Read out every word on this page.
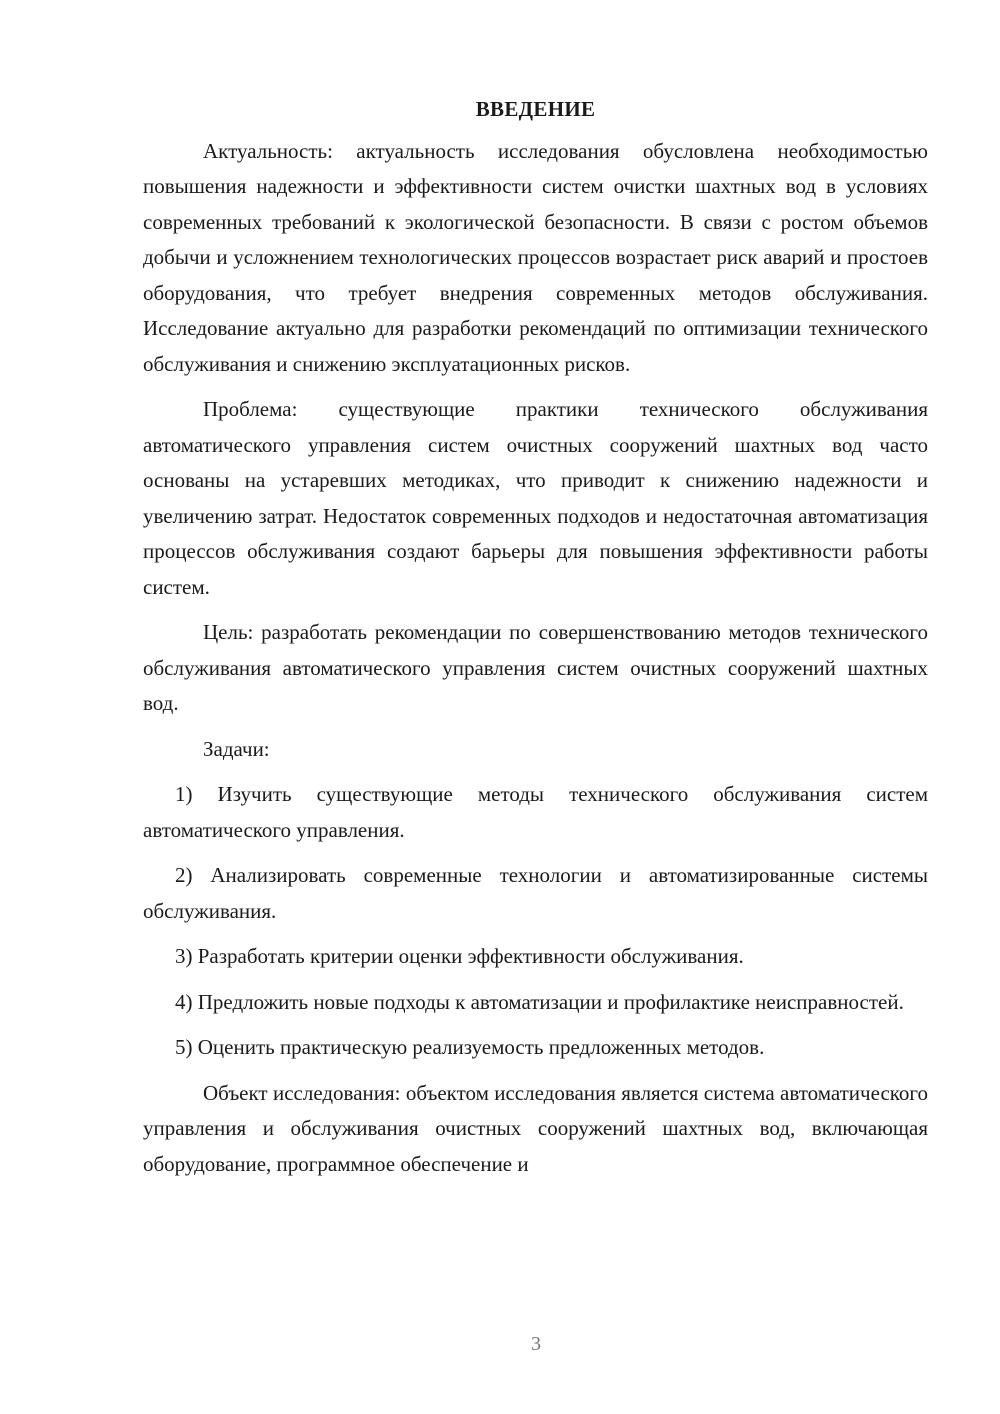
ВВЕДЕНИЕ

Актуальность: актуальность исследования обусловлена необходимостью повышения надежности и эффективности систем очистки шахтных вод в условиях современных требований к экологической безопасности. В связи с ростом объемов добычи и усложнением технологических процессов возрастает риск аварий и простоев оборудования, что требует внедрения современных методов обслуживания. Исследование актуально для разработки рекомендаций по оптимизации технического обслуживания и снижению эксплуатационных рисков.

Проблема: существующие практики технического обслуживания автоматического управления систем очистных сооружений шахтных вод часто основаны на устаревших методиках, что приводит к снижению надежности и увеличению затрат. Недостаток современных подходов и недостаточная автоматизация процессов обслуживания создают барьеры для повышения эффективности работы систем.

Цель: разработать рекомендации по совершенствованию методов технического обслуживания автоматического управления систем очистных сооружений шахтных вод.

Задачи:

1) Изучить существующие методы технического обслуживания систем автоматического управления.

2) Анализировать современные технологии и автоматизированные системы обслуживания.

3) Разработать критерии оценки эффективности обслуживания.

4) Предложить новые подходы к автоматизации и профилактике неисправностей.

5) Оценить практическую реализуемость предложенных методов.

Объект исследования: объектом исследования является система автоматического управления и обслуживания очистных сооружений шахтных вод, включающая оборудование, программное обеспечение и

3
